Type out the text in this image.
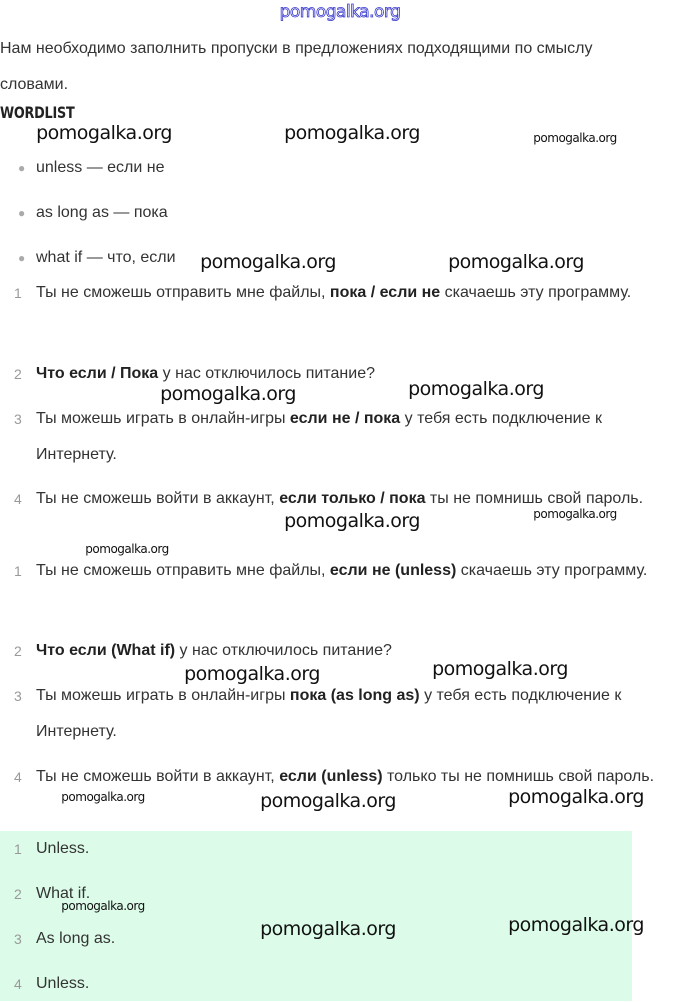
pomogalka.org
Нам необходимо заполнить пропуски в предложениях подходящими по смыслу словами.
WORDLIST
● unless — если не
● as long as — пока
● what if — что, если
1 Ты не сможешь отправить мне файлы, пока / если не скачаешь эту программу.
2 Что если / Пока у нас отключилось питание?
3 Ты можешь играть в онлайн-игры если не / пока у тебя есть подключение к Интернету.
4 Ты не сможешь войти в аккаунт, если только / пока ты не помнишь свой пароль.
1 Ты не сможешь отправить мне файлы, если не (unless) скачаешь эту программу.
2 Что если (What if) у нас отключилось питание?
3 Ты можешь играть в онлайн-игры пока (as long as) у тебя есть подключение к Интернету.
4 Ты не сможешь войти в аккаунт, если (unless) только ты не помнишь свой пароль.
1 Unless.
2 What if.
3 As long as.
4 Unless.
pomogalka.org	pomogalka.org	pomogalka.org
pomogalka.org	pomogalka.org
pomogalka.org	pomogalka.org
pomogalka.org	pomogalka.org
pomogalka.org
pomogalka.org	pomogalka.org
pomogalka.org	pomogalka.org	pomogalka.org
pomogalka.org
pomogalka.org	pomogalka.org
